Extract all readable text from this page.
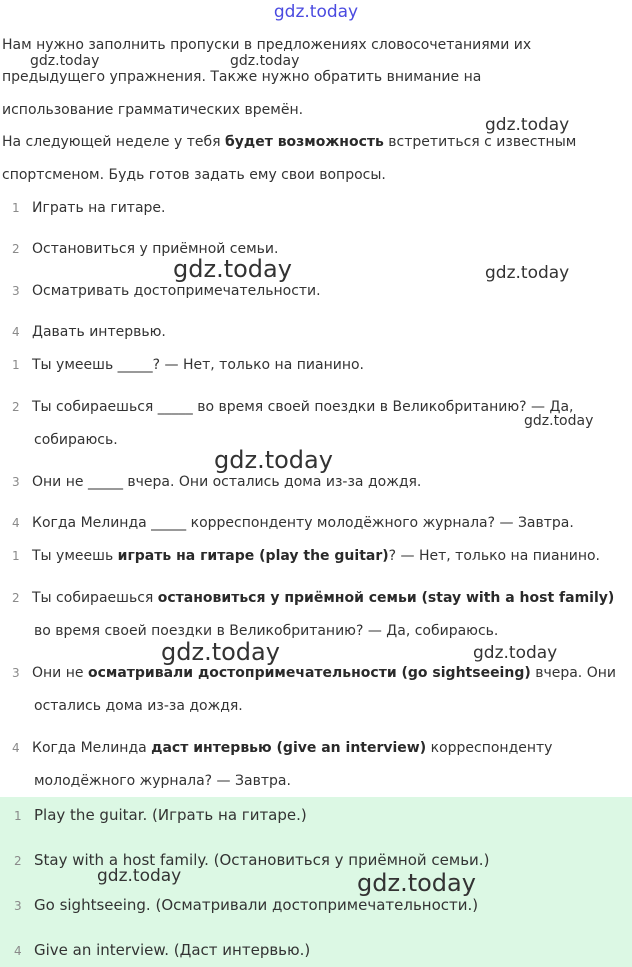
gdz.today
Нам нужно заполнить пропуски в предложениях словосочетаниями их
предыдущего упражнения. Также нужно обратить внимание на
использование грамматических времён.
На следующей неделе у тебя будет возможность встретиться с известным
спортсменом. Будь готов задать ему свои вопросы.
1 Играть на гитаре.
2 Остановиться у приёмной семьи.
3 Осматривать достопримечательности.
4 Давать интервью.
1 Ты умеешь _____? — Нет, только на пианино.
2 Ты собираешься _____ во время своей поездки в Великобританию? — Да,
собираюсь.
3 Они не _____ вчера. Они остались дома из-за дождя.
4 Когда Мелинда _____ корреспонденту молодёжного журнала? — Завтра.
1 Ты умеешь играть на гитаре (play the guitar)? — Нет, только на пианино.
2 Ты собираешься остановиться у приёмной семьи (stay with a host family)
во время своей поездки в Великобританию? — Да, собираюсь.
3 Они не осматривали достопримечательности (go sightseeing) вчера. Они
остались дома из-за дождя.
4 Когда Мелинда даст интервью (give an interview) корреспонденту
молодёжного журнала? — Завтра.
1 Play the guitar. (Играть на гитаре.)
2 Stay with a host family. (Остановиться у приёмной семьи.)
3 Go sightseeing. (Осматривали достопримечательности.)
4 Give an interview. (Даст интервью.)
gdz.today	gdz.today
gdz.today
gdz.today	gdz.today
gdz.today
gdz.today
gdz.today	gdz.today
gdz.today	gdz.today
